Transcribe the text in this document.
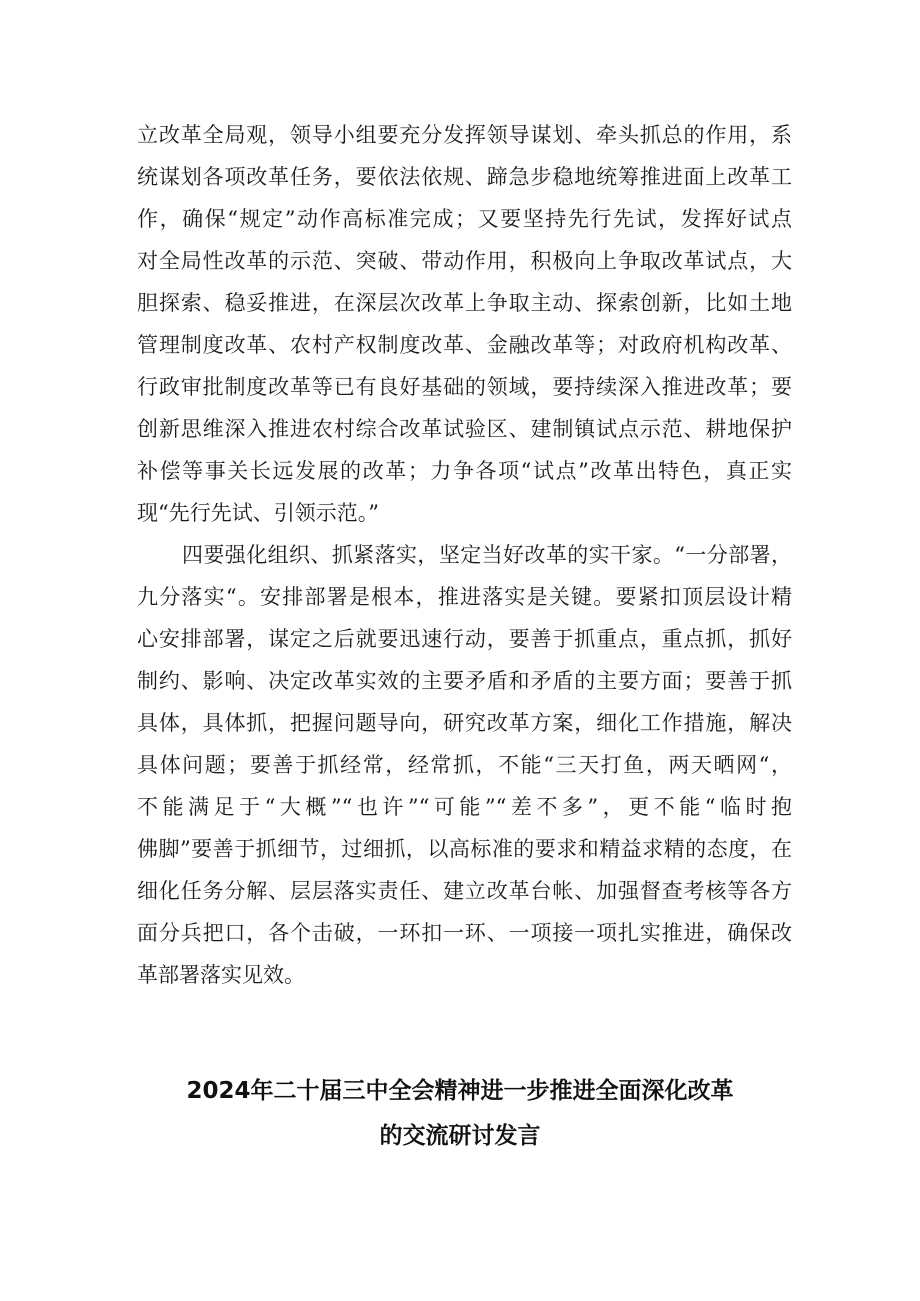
立改革全局观，领导小组要充分发挥领导谋划、牵头抓总的作用，系
统谋划各项改革任务，要依法依规、蹄急步稳地统筹推进面上改革工
作，确保“规定”动作高标准完成；又要坚持先行先试，发挥好试点
对全局性改革的示范、突破、带动作用，积极向上争取改革试点，大
胆探索、稳妥推进，在深层次改革上争取主动、探索创新，比如土地
管理制度改革、农村产权制度改革、金融改革等；对政府机构改革、
行政审批制度改革等已有良好基础的领域，要持续深入推进改革；要
创新思维深入推进农村综合改革试验区、建制镇试点示范、耕地保护
补偿等事关长远发展的改革；力争各项“试点”改革出特色，真正实
现“先行先试、引领示范。”
四要强化组织、抓紧落实，坚定当好改革的实干家。“一分部署，
九分落实“。安排部署是根本，推进落实是关键。要紧扣顶层设计精
心安排部署，谋定之后就要迅速行动，要善于抓重点，重点抓，抓好
制约、影响、决定改革实效的主要矛盾和矛盾的主要方面；要善于抓
具体，具体抓，把握问题导向，研究改革方案，细化工作措施，解决
具体问题；要善于抓经常，经常抓，不能“三天打鱼，两天晒网“，
不能满足于“大概”“也许”“可能”“差不多”，更不能“临时抱
佛脚”要善于抓细节，过细抓，以高标准的要求和精益求精的态度，在
细化任务分解、层层落实责任、建立改革台帐、加强督查考核等各方
面分兵把口，各个击破，一环扣一环、一项接一项扎实推进，确保改
革部署落实见效。
2024年二十届三中全会精神进一步推进全面深化改革
的交流研讨发言
